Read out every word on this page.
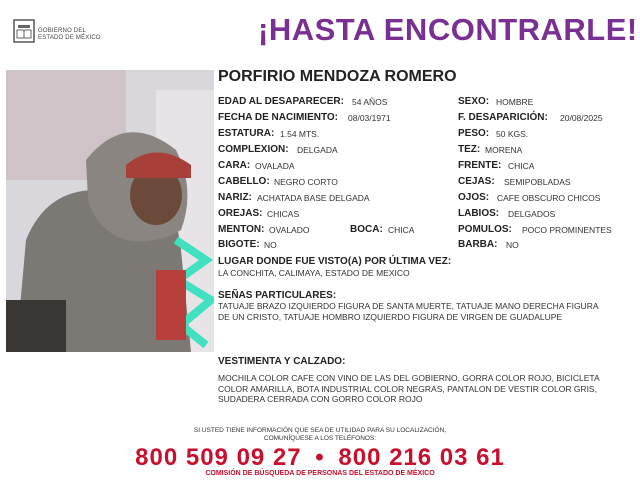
GOBIERNO DEL
ESTADO DE MÉXICO	¡HASTA ENCONTRARLE!
PORFIRIO MENDOZA ROMERO
EDAD AL DESAPARECER: 54 AÑOS
FECHA DE NACIMIENTO: 08/03/1971
ESTATURA: 1.54 MTS.
COMPLEXION: DELGADA
CARA: OVALADA
CABELLO: NEGRO CORTO
NARIZ: ACHATADA BASE DELGADA
OREJAS: CHICAS
MENTON: OVALADO	BOCA: CHICA
BIGOTE: NO
SEXO: HOMBRE
F. DESAPARICIÓN: 20/08/2025
PESO: 50 KGS.
TEZ: MORENA
FRENTE: CHICA
CEJAS: SEMIPOBLADAS
OJOS: CAFE OBSCURO CHICOS
LABIOS: DELGADOS
POMULOS: POCO PROMINENTES
BARBA: NO
LUGAR DONDE FUE VISTO(A) POR ÚLTIMA VEZ:
LA CONCHITA, CALIMAYA, ESTADO DE MEXICO
SEÑAS PARTICULARES:
TATUAJE BRAZO IZQUIERDO FIGURA DE SANTA MUERTE, TATUAJE MANO DERECHA FIGURA DE UN CRISTO, TATUAJE HOMBRO IZQUIERDO FIGURA DE VIRGEN DE GUADALUPE
VESTIMENTA Y CALZADO:
MOCHILA COLOR CAFE CON VINO DE LAS DEL GOBIERNO, GORRA COLOR ROJO, BICICLETA COLOR AMARILLA, BOTA INDUSTRIAL COLOR NEGRAS, PANTALON DE VESTIR COLOR GRIS, SUDADERA CERRADA CON GORRO COLOR ROJO
SI USTED TIENE INFORMACIÓN QUE SEA DE UTILIDAD PARA SU LOCALIZACIÓN,
COMUNÍQUESE A LOS TELÉFONOS:
800 509 09 27 • 800 216 03 61
COMISIÓN DE BÚSQUEDA DE PERSONAS DEL ESTADO DE MÉXICO
